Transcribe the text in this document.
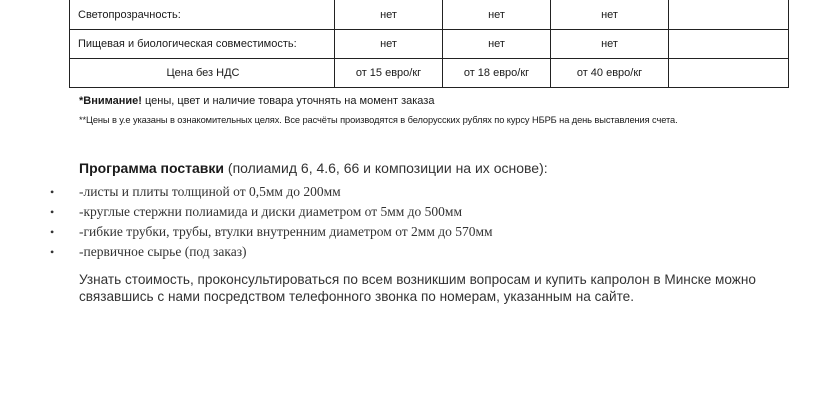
Светопрозрачность:	нет	нет	нет	
Пищевая и биологическая совместимость:	нет	нет	нет	
Цена без НДС	от 15 евро/кг	от 18 евро/кг	от 40 евро/кг	
*Внимание! цены, цвет и наличие товара уточнять на момент заказа
**Цены в у.е указаны в ознакомительных целях. Все расчёты производятся в белорусских рублях по курсу НБРБ на день выставления счета.
Программа поставки (полиамид 6, 4.6, 66 и композиции на их основе):
• -листы и плиты толщиной от 0,5мм до 200мм
• -круглые стержни полиамида и диски диаметром от 5мм до 500мм
• -гибкие трубки, трубы, втулки внутренним диаметром от 2мм до 570мм
• -первичное сырье (под заказ)
Узнать стоимость, проконсультироваться по всем возникшим вопросам и купить капролон в Минске можно
связавшись с нами посредством телефонного звонка по номерам, указанным на сайте.
